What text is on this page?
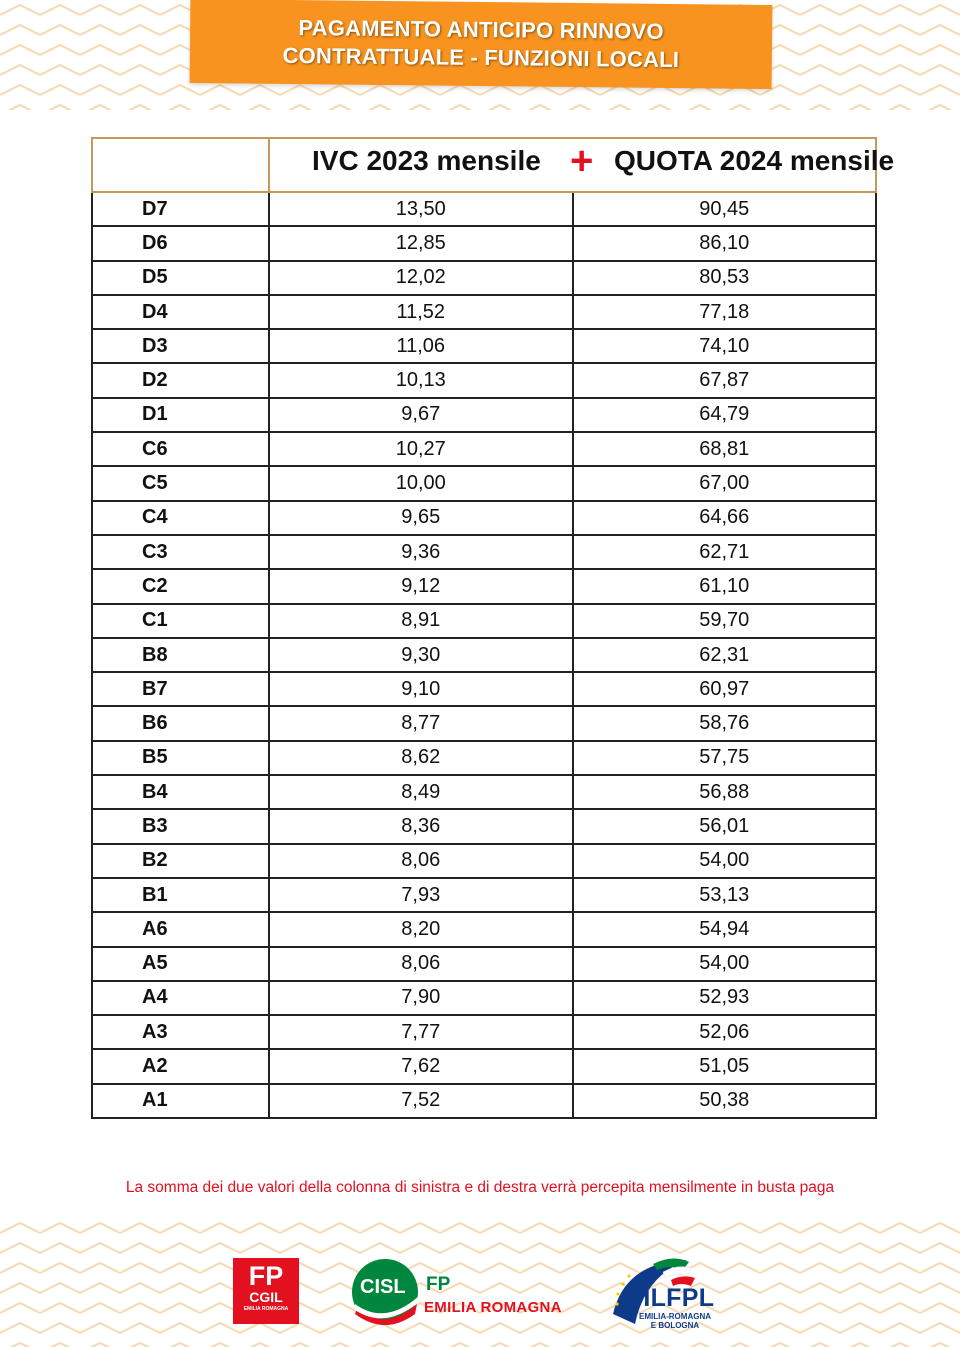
PAGAMENTO ANTICIPO RINNOVO
CONTRATTUALE - FUNZIONI LOCALI

	IVC 2023 mensile + QUOTA 2024 mensile	

D7	13,50	90,45
D6	12,85	86,10
D5	12,02	80,53
D4	11,52	77,18
D3	11,06	74,10
D2	10,13	67,87
D1	9,67	64,79
C6	10,27	68,81
C5	10,00	67,00
C4	9,65	64,66
C3	9,36	62,71
C2	9,12	61,10
C1	8,91	59,70
B8	9,30	62,31
B7	9,10	60,97
B6	8,77	58,76
B5	8,62	57,75
B4	8,49	56,88
B3	8,36	56,01
B2	8,06	54,00
B1	7,93	53,13
A6	8,20	54,94
A5	8,06	54,00
A4	7,90	52,93
A3	7,77	52,06
A2	7,62	51,05
A1	7,52	50,38
La somma dei due valori della colonna di sinistra e di destra verrà percepita mensilmente in busta paga
FP
CGIL
EMILIA ROMAGNA
CISL FP
EMILIA ROMAGNA	UILFPL
EMILIA-ROMAGNA
E BOLOGNA
